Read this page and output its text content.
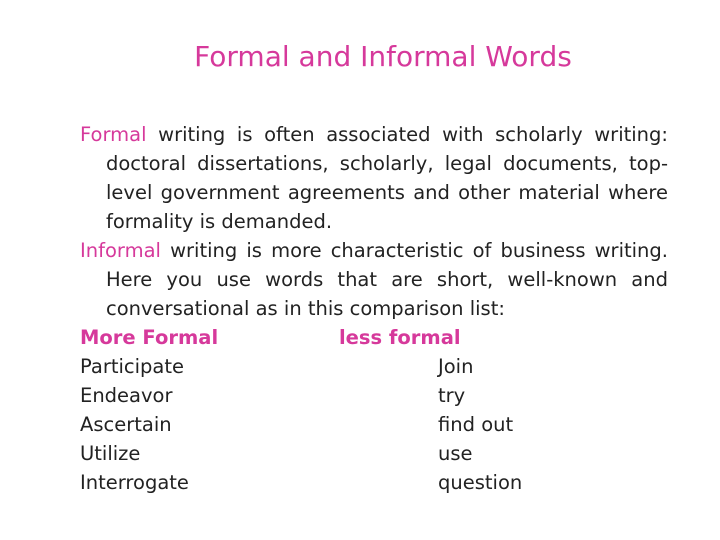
Formal and Informal Words

Formal writing is often associated with scholarly writing: doctoral dissertations, scholarly, legal documents, top-level government agreements and other material where formality is demanded.

Informal writing is more characteristic of business writing. Here you use words that are short, well-known and conversational as in this comparison list:

More Formal	less formal
Participate	Join
Endeavor	try
Ascertain	find out
Utilize	use
Interrogate	question
